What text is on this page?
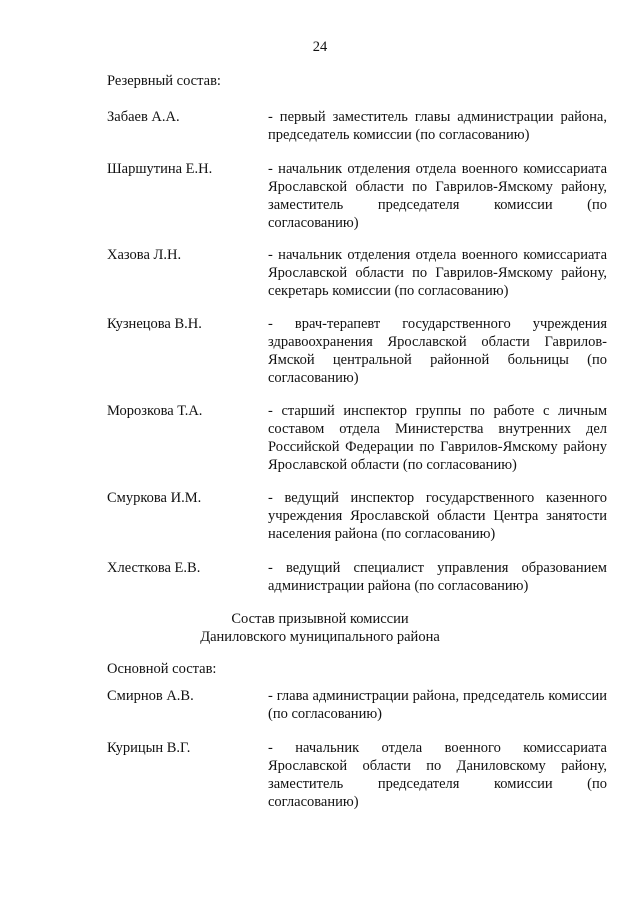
24
Резервный состав:
Забаев А.А.	- первый заместитель главы администрации района, председатель комиссии (по согласованию)
Шаршутина Е.Н.	- начальник отделения отдела военного комиссариата Ярославской области по Гаврилов-Ямскому району, заместитель председателя комиссии (по согласованию)
Хазова Л.Н.	- начальник отделения отдела военного комиссариата Ярославской области по Гаврилов-Ямскому району, секретарь комиссии (по согласованию)
Кузнецова В.Н.	- врач-терапевт государственного учреждения здравоохранения Ярославской области Гаврилов-Ямской центральной районной больницы (по согласованию)
Морозкова Т.А.	- старший инспектор группы по работе с личным составом отдела Министерства внутренних дел Российской Федерации по Гаврилов-Ямскому району Ярославской области (по согласованию)
Смуркова И.М.	- ведущий инспектор государственного казенного учреждения Ярославской области Центра занятости населения района (по согласованию)
Хлесткова Е.В.	- ведущий специалист управления образованием администрации района (по согласованию)
Состав призывной комиссии
Даниловского муниципального района
Основной состав:
Смирнов А.В.	- глава администрации района, председатель комиссии (по согласованию)
Курицын В.Г.	- начальник отдела военного комиссариата Ярославской области по Даниловскому району, заместитель председателя комиссии (по согласованию)
